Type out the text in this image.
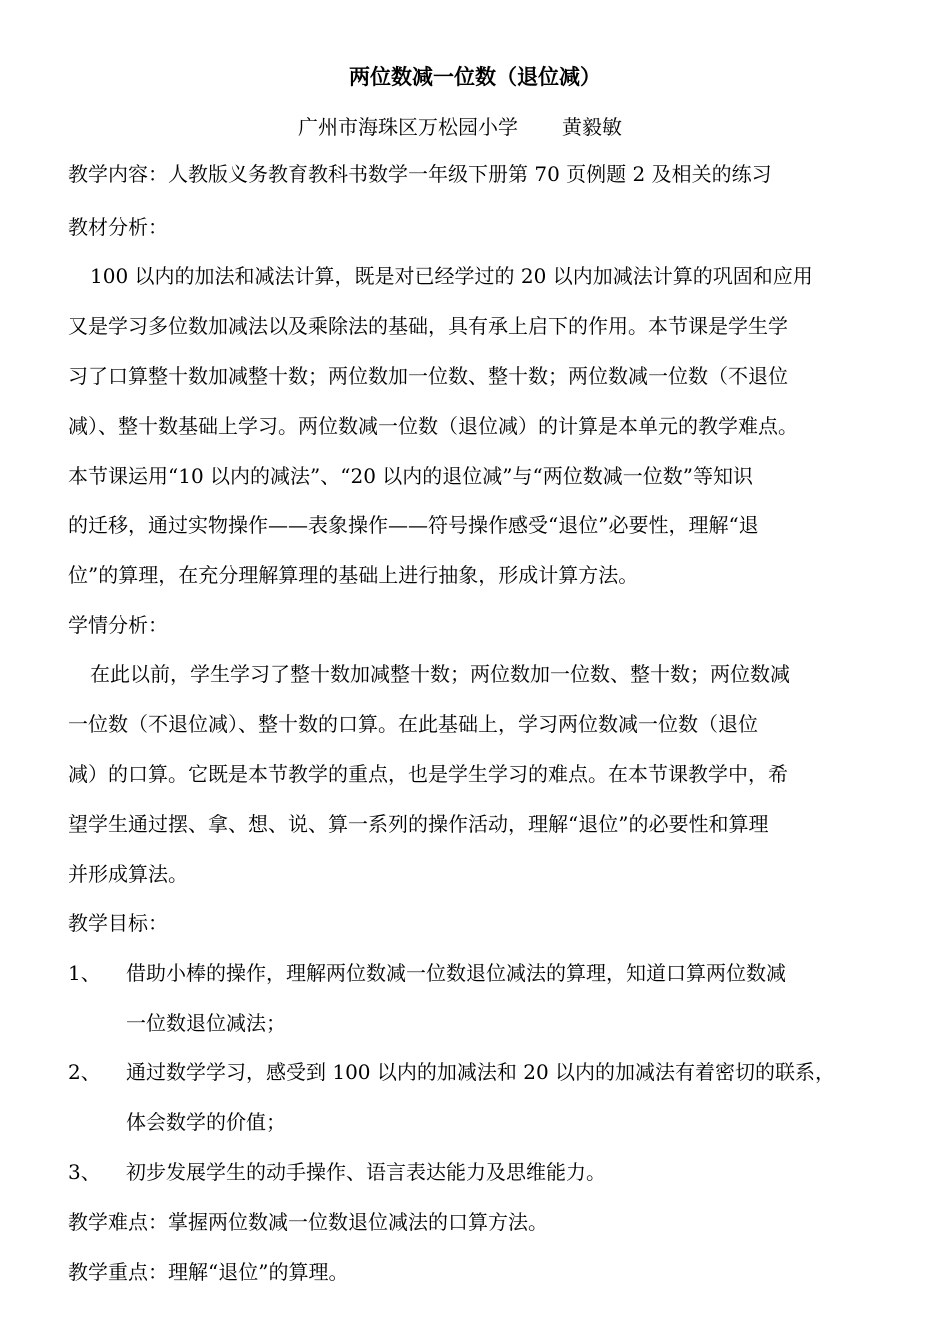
两位数减一位数（退位减）
广州市海珠区万松园小学 黄毅敏
教学内容：人教版义务教育教科书数学一年级下册第 70 页例题 2 及相关的练习
教材分析：
100 以内的加法和减法计算，既是对已经学过的 20 以内加减法计算的巩固和应用
又是学习多位数加减法以及乘除法的基础，具有承上启下的作用。本节课是学生学
习了口算整十数加减整十数；两位数加一位数、整十数；两位数减一位数（不退位
减）、整十数基础上学习。两位数减一位数（退位减）的计算是本单元的教学难点。
本节课运用“10 以内的减法”、“20 以内的退位减”与“两位数减一位数”等知识
的迁移，通过实物操作——表象操作——符号操作感受“退位”必要性，理解“退
位”的算理，在充分理解算理的基础上进行抽象，形成计算方法。
学情分析：
在此以前，学生学习了整十数加减整十数；两位数加一位数、整十数；两位数减
一位数（不退位减）、整十数的口算。在此基础上，学习两位数减一位数（退位
减）的口算。它既是本节教学的重点，也是学生学习的难点。在本节课教学中，希
望学生通过摆、拿、想、说、算一系列的操作活动，理解“退位”的必要性和算理
并形成算法。
教学目标：
1、 借助小棒的操作，理解两位数减一位数退位减法的算理，知道口算两位数减
一位数退位减法；
2、 通过数学学习，感受到 100 以内的加减法和 20 以内的加减法有着密切的联系，
体会数学的价值；
3、 初步发展学生的动手操作、语言表达能力及思维能力。
教学难点：掌握两位数减一位数退位减法的口算方法。
教学重点：理解“退位”的算理。
